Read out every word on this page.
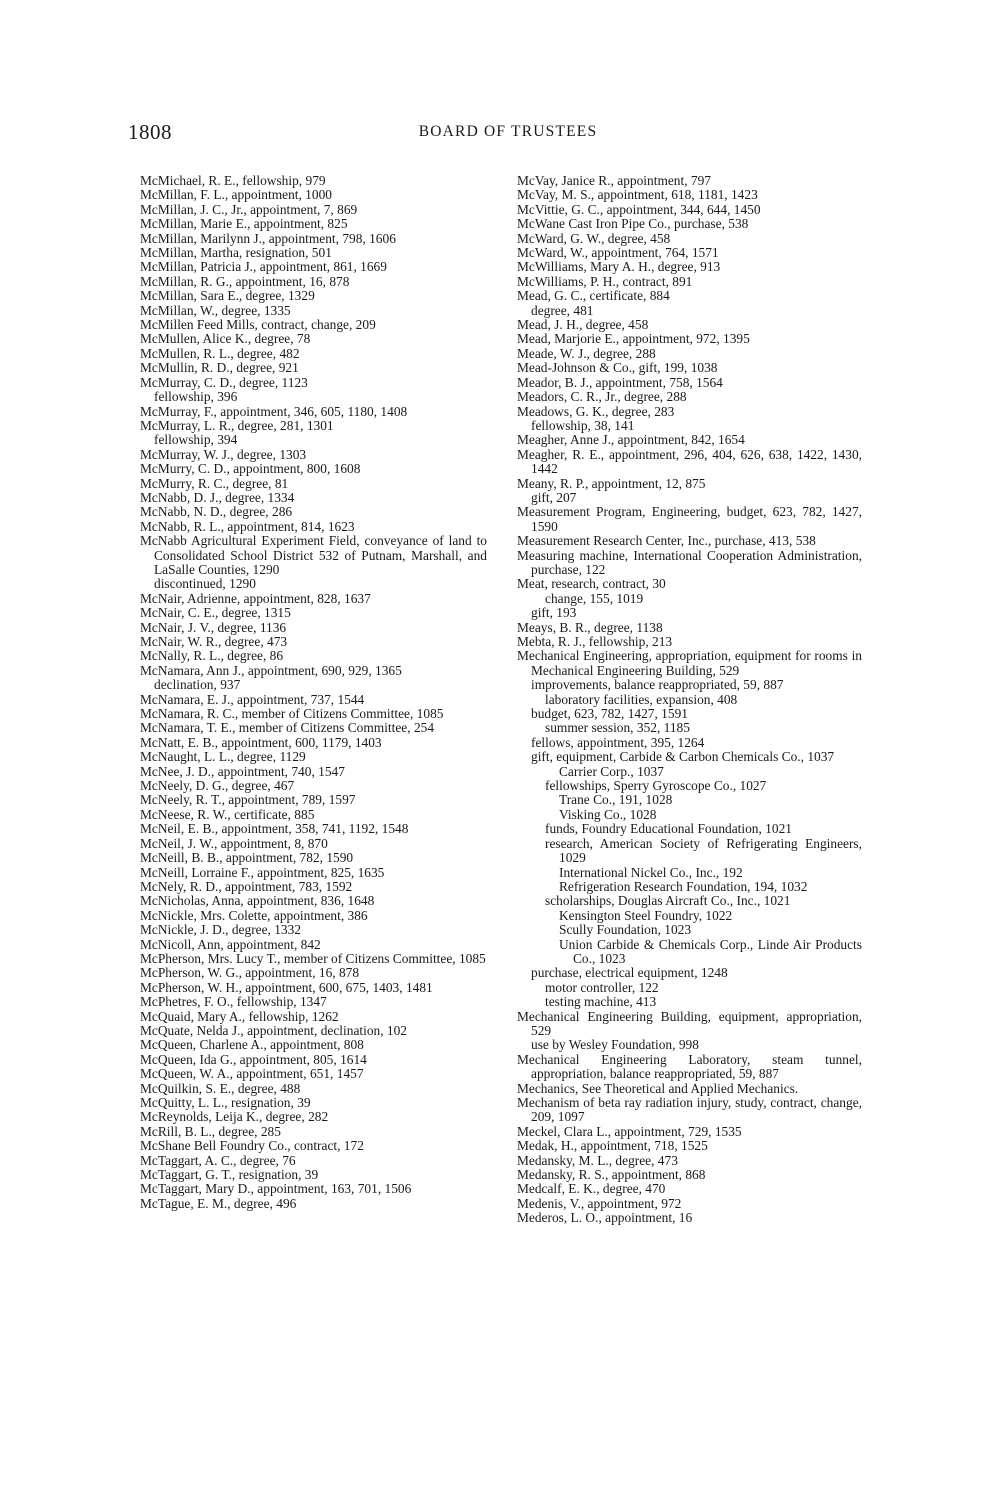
1808	BOARD OF TRUSTEES

McMichael, R. E., fellowship, 979

McMillan, F. L., appointment, 1000

McMillan, J. C., Jr., appointment, 7, 869

McMillan, Marie E., appointment, 825

McMillan, Marilynn J., appointment, 798, 1606

McMillan, Martha, resignation, 501

McMillan, Patricia J., appointment, 861, 1669

McMillan, R. G., appointment, 16, 878

McMillan, Sara E., degree, 1329

McMillan, W., degree, 1335

McMillen Feed Mills, contract, change, 209

McMullen, Alice K., degree, 78

McMullen, R. L., degree, 482

McMullin, R. D., degree, 921

McMurray, C. D., degree, 1123

fellowship, 396

McMurray, F., appointment, 346, 605, 1180, 1408

McMurray, L. R., degree, 281, 1301

fellowship, 394

McMurray, W. J., degree, 1303

McMurry, C. D., appointment, 800, 1608

McMurry, R. C., degree, 81

McNabb, D. J., degree, 1334

McNabb, N. D., degree, 286

McNabb, R. L., appointment, 814, 1623

McNabb Agricultural Experiment Field, conveyance of land to Consolidated School District 532 of Putnam, Marshall, and LaSalle Counties, 1290

discontinued, 1290

McNair, Adrienne, appointment, 828, 1637

McNair, C. E., degree, 1315

McNair, J. V., degree, 1136

McNair, W. R., degree, 473

McNally, R. L., degree, 86

McNamara, Ann J., appointment, 690, 929, 1365

declination, 937

McNamara, E. J., appointment, 737, 1544

McNamara, R. C., member of Citizens Committee, 1085

McNamara, T. E., member of Citizens Committee, 254

McNatt, E. B., appointment, 600, 1179, 1403

McNaught, L. L., degree, 1129

McNee, J. D., appointment, 740, 1547

McNeely, D. G., degree, 467

McNeely, R. T., appointment, 789, 1597

McNeese, R. W., certificate, 885

McNeil, E. B., appointment, 358, 741, 1192, 1548

McNeil, J. W., appointment, 8, 870

McNeill, B. B., appointment, 782, 1590

McNeill, Lorraine F., appointment, 825, 1635

McNely, R. D., appointment, 783, 1592

McNicholas, Anna, appointment, 836, 1648

McNickle, Mrs. Colette, appointment, 386

McNickle, J. D., degree, 1332

McNicoll, Ann, appointment, 842

McPherson, Mrs. Lucy T., member of Citizens Committee, 1085

McPherson, W. G., appointment, 16, 878

McPherson, W. H., appointment, 600, 675, 1403, 1481

McPhetres, F. O., fellowship, 1347

McQuaid, Mary A., fellowship, 1262

McQuate, Nelda J., appointment, declination, 102

McQueen, Charlene A., appointment, 808

McQueen, Ida G., appointment, 805, 1614

McQueen, W. A., appointment, 651, 1457

McQuilkin, S. E., degree, 488

McQuitty, L. L., resignation, 39

McReynolds, Leija K., degree, 282

McRill, B. L., degree, 285

McShane Bell Foundry Co., contract, 172

McTaggart, A. C., degree, 76

McTaggart, G. T., resignation, 39

McTaggart, Mary D., appointment, 163, 701, 1506

McTague, E. M., degree, 496

McVay, Janice R., appointment, 797

McVay, M. S., appointment, 618, 1181, 1423

McVittie, G. C., appointment, 344, 644, 1450

McWane Cast Iron Pipe Co., purchase, 538

McWard, G. W., degree, 458

McWard, W., appointment, 764, 1571

McWilliams, Mary A. H., degree, 913

McWilliams, P. H., contract, 891

Mead, G. C., certificate, 884

degree, 481

Mead, J. H., degree, 458

Mead, Marjorie E., appointment, 972, 1395

Meade, W. J., degree, 288

Mead-Johnson & Co., gift, 199, 1038

Meador, B. J., appointment, 758, 1564

Meadors, C. R., Jr., degree, 288

Meadows, G. K., degree, 283

fellowship, 38, 141

Meagher, Anne J., appointment, 842, 1654

Meagher, R. E., appointment, 296, 404, 626, 638, 1422, 1430, 1442

Meany, R. P., appointment, 12, 875

gift, 207

Measurement Program, Engineering, budget, 623, 782, 1427, 1590

Measurement Research Center, Inc., purchase, 413, 538

Measuring machine, International Cooperation Administration, purchase, 122

Meat, research, contract, 30

change, 155, 1019

gift, 193

Meays, B. R., degree, 1138

Mebta, R. J., fellowship, 213

Mechanical Engineering, appropriation, equipment for rooms in Mechanical Engineering Building, 529

improvements, balance reappropriated, 59, 887

laboratory facilities, expansion, 408

budget, 623, 782, 1427, 1591

summer session, 352, 1185

fellows, appointment, 395, 1264

gift, equipment, Carbide & Carbon Chemicals Co., 1037

Carrier Corp., 1037

fellowships, Sperry Gyroscope Co., 1027

Trane Co., 191, 1028

Visking Co., 1028

funds, Foundry Educational Foundation, 1021

research, American Society of Refrigerating Engineers, 1029

International Nickel Co., Inc., 192

Refrigeration Research Foundation, 194, 1032

scholarships, Douglas Aircraft Co., Inc., 1021

Kensington Steel Foundry, 1022

Scully Foundation, 1023

Union Carbide & Chemicals Corp., Linde Air Products Co., 1023

purchase, electrical equipment, 1248

motor controller, 122

testing machine, 413

Mechanical Engineering Building, equipment, appropriation, 529

use by Wesley Foundation, 998

Mechanical Engineering Laboratory, steam tunnel, appropriation, balance reappropriated, 59, 887

Mechanics, See Theoretical and Applied Mechanics.

Mechanism of beta ray radiation injury, study, contract, change, 209, 1097

Meckel, Clara L., appointment, 729, 1535

Medak, H., appointment, 718, 1525

Medansky, M. L., degree, 473

Medansky, R. S., appointment, 868

Medcalf, E. K., degree, 470

Medenis, V., appointment, 972

Mederos, L. O., appointment, 16
